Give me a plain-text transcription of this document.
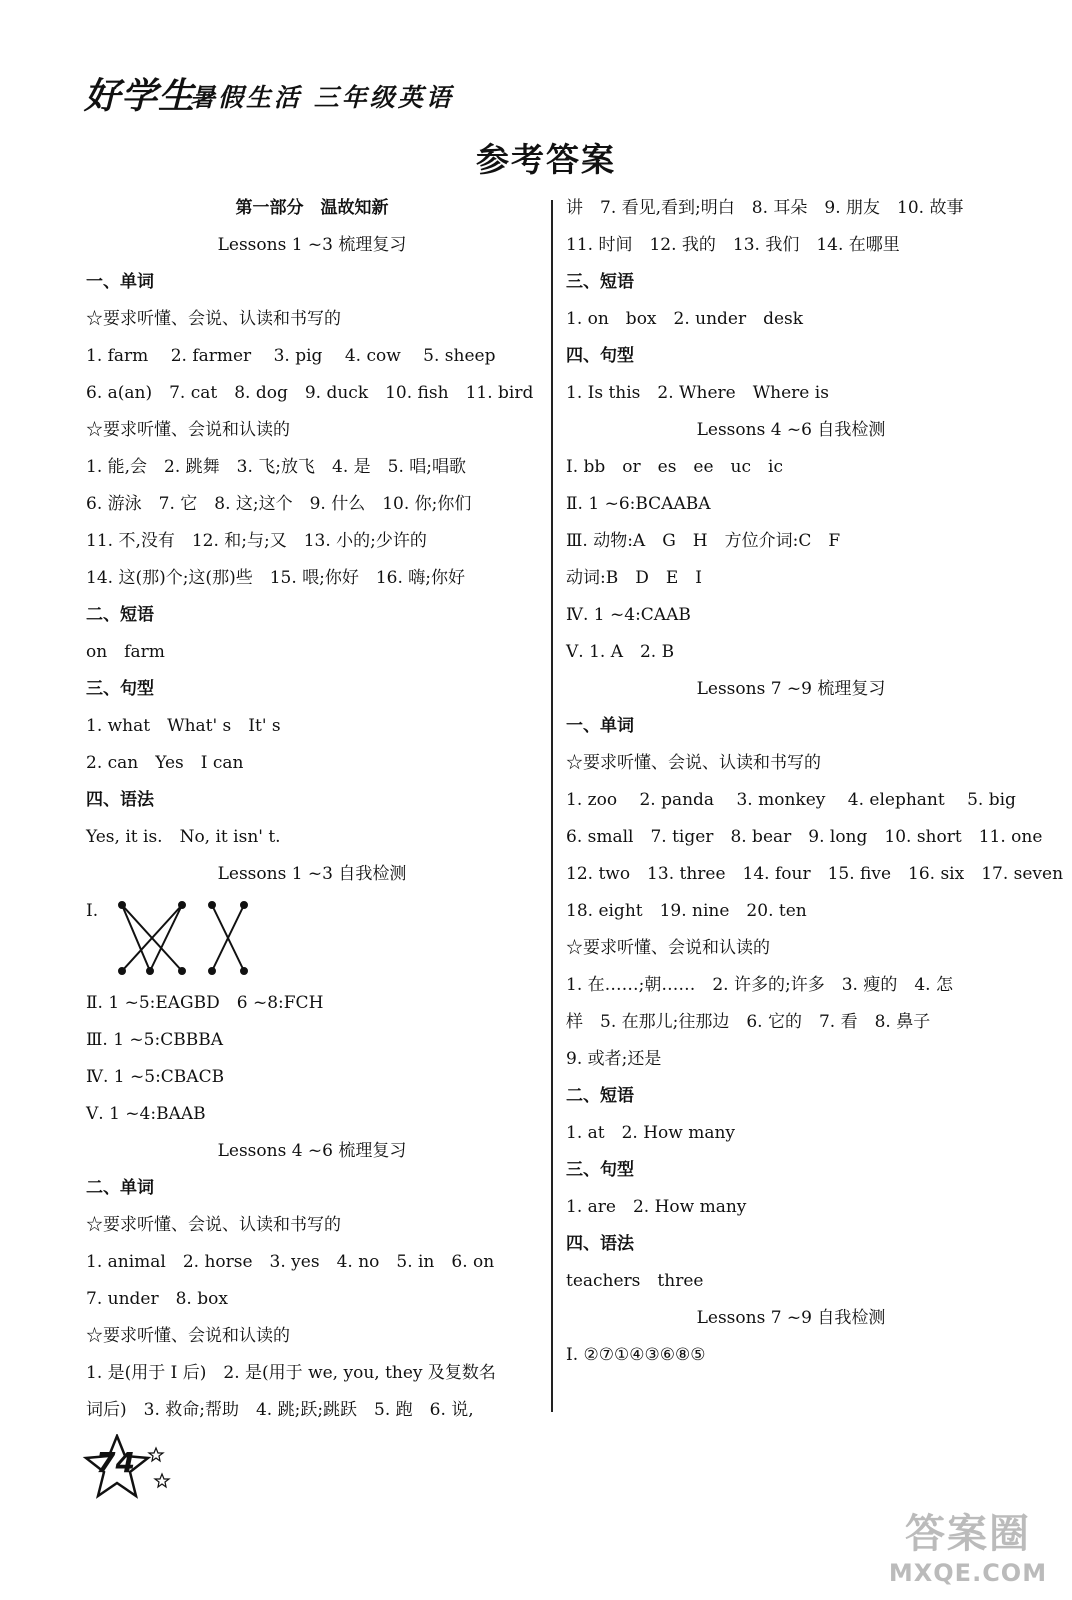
好学生
暑假生活 三年级英语
参考答案
第一部分　温故知新
Lessons 1 ~3 梳理复习
一、单词
☆要求听懂、会说、认读和书写的
1. farm　 2. farmer　 3. pig　 4. cow　 5. sheep
6. a(an)　7. cat　8. dog　9. duck　10. fish　11. bird
☆要求听懂、会说和认读的
1. 能,会　2. 跳舞　3. 飞;放飞　4. 是　5. 唱;唱歌
6. 游泳　7. 它　8. 这;这个　9. 什么　10. 你;你们
11. 不,没有　12. 和;与;又　13. 小的;少许的
14. 这(那)个;这(那)些　15. 喂;你好　16. 嗨;你好
二、短语
on　farm
三、句型
1. what　What' s　It' s
2. can　Yes　I can
四、语法
Yes, it is.　No, it isn' t.
Lessons 1 ~3 自我检测
Ⅰ.
Ⅱ. 1 ~5:EAGBD　6 ~8:FCH
Ⅲ. 1 ~5:CBBBA
Ⅳ. 1 ~5:CBACB
Ⅴ. 1 ~4:BAAB
Lessons 4 ~6 梳理复习
二、单词
☆要求听懂、会说、认读和书写的
1. animal　2. horse　3. yes　4. no　5. in　6. on
7. under　8. box
☆要求听懂、会说和认读的
1. 是(用于 I 后)　2. 是(用于 we, you, they 及复数名
词后)　3. 救命;帮助　4. 跳;跃;跳跃　5. 跑　6. 说,
讲　7. 看见,看到;明白　8. 耳朵　9. 朋友　10. 故事
11. 时间　12. 我的　13. 我们　14. 在哪里
三、短语
1. on　box　2. under　desk
四、句型
1. Is this　2. Where　Where is
Lessons 4 ~6 自我检测
Ⅰ. bb　or　es　ee　uc　ic
Ⅱ. 1 ~6:BCAABA
Ⅲ. 动物:A　G　H　方位介词:C　F
动词:B　D　E　I
Ⅳ. 1 ~4:CAAB
Ⅴ. 1. A　2. B
Lessons 7 ~9 梳理复习
一、单词
☆要求听懂、会说、认读和书写的
1. zoo　 2. panda　 3. monkey　 4. elephant　 5. big
6. small　7. tiger　8. bear　9. long　10. short　11. one
12. two　13. three　14. four　15. five　16. six　17. seven
18. eight　19. nine　20. ten
☆要求听懂、会说和认读的
1. 在……;朝……　2. 许多的;许多　3. 瘦的　4. 怎
样　5. 在那儿;往那边　6. 它的　7. 看　8. 鼻子
9. 或者;还是
二、短语
1. at　2. How many
三、句型
1. are　2. How many
四、语法
teachers　three
Lessons 7 ~9 自我检测
Ⅰ. ②⑦①④③⑥⑧⑤
74
答案圈
MXQE.COM
